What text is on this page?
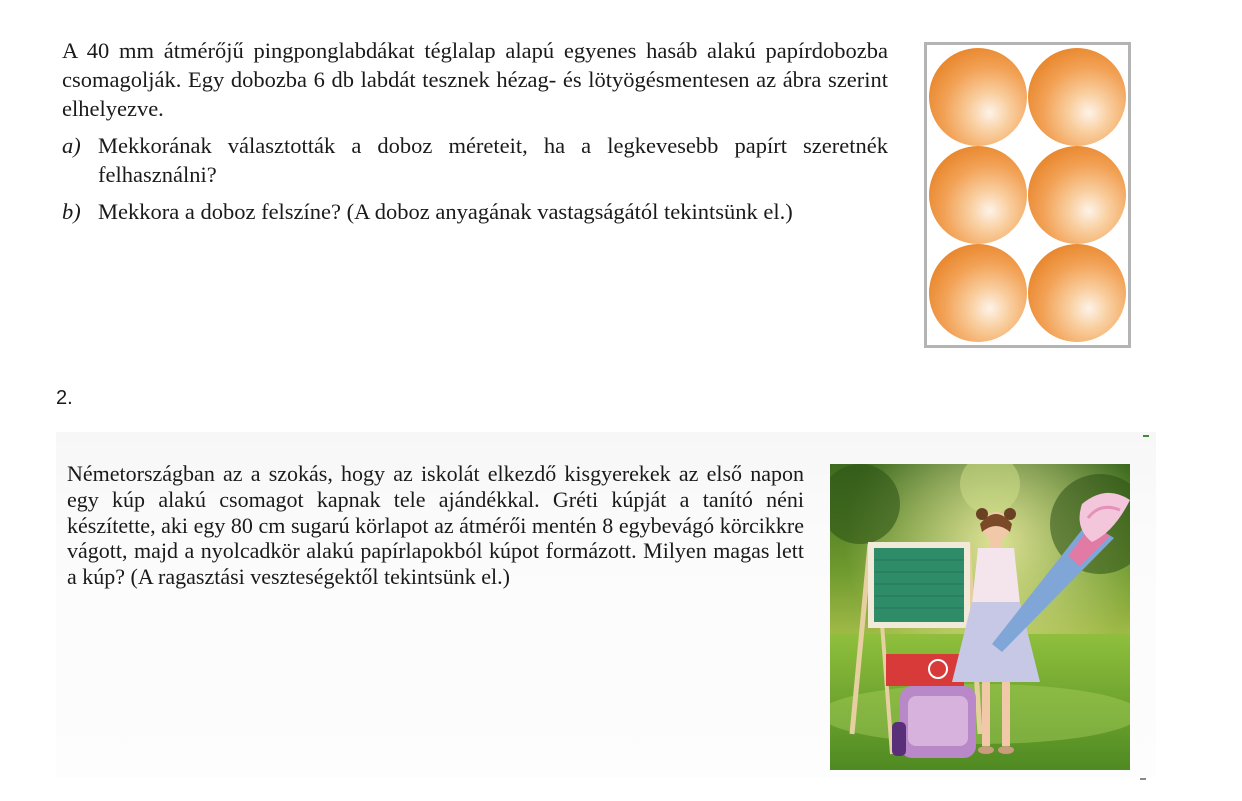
A 40 mm átmérőjű pingponglabdákat téglalap alapú egyenes hasáb alakú papírdobozba csomagolják. Egy dobozba 6 db labdát tesznek hézag- és lötyögésmentesen az ábra szerint elhelyezve.
a) Mekkorának választották a doboz méreteit, ha a legkevesebb papírt szeretnék felhasználni?
b) Mekkora a doboz felszíne? (A doboz anyagának vastagságától tekintsünk el.)
2.
Németországban az a szokás, hogy az iskolát elkezdő kisgyerekek az első napon egy kúp alakú csomagot kapnak tele ajándékkal. Gréti kúpját a tanító néni készítette, aki egy 80 cm sugarú körlapot az átmérői mentén 8 egybevágó körcikkre vágott, majd a nyolcadkör alakú papírlapokból kúpot formázott. Milyen magas lett a kúp? (A ragasztási veszteségektől tekintsünk el.)
